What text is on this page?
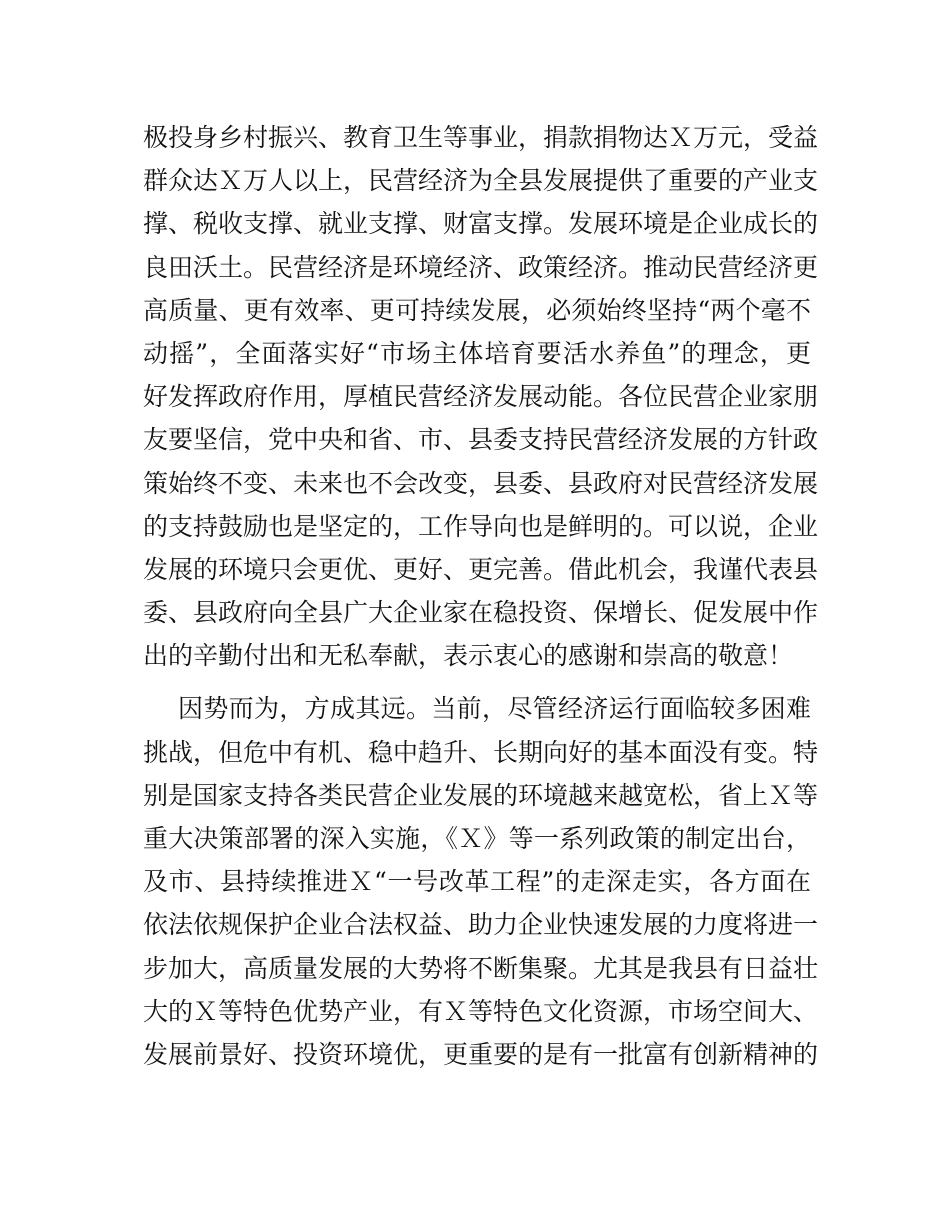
极投身乡村振兴、教育卫生等事业，捐款捐物达Ｘ万元，受益
群众达Ｘ万人以上，民营经济为全县发展提供了重要的产业支
撑、税收支撑、就业支撑、财富支撑。发展环境是企业成长的
良田沃土。民营经济是环境经济、政策经济。推动民营经济更
高质量、更有效率、更可持续发展，必须始终坚持“两个毫不
动摇”，全面落实好“市场主体培育要活水养鱼”的理念，更
好发挥政府作用，厚植民营经济发展动能。各位民营企业家朋
友要坚信，党中央和省、市、县委支持民营经济发展的方针政
策始终不变、未来也不会改变，县委、县政府对民营经济发展
的支持鼓励也是坚定的，工作导向也是鲜明的。可以说，企业
发展的环境只会更优、更好、更完善。借此机会，我谨代表县
委、县政府向全县广大企业家在稳投资、保增长、促发展中作
出的辛勤付出和无私奉献，表示衷心的感谢和崇高的敬意！
因势而为，方成其远。当前，尽管经济运行面临较多困难
挑战，但危中有机、稳中趋升、长期向好的基本面没有变。特
别是国家支持各类民营企业发展的环境越来越宽松，省上Ｘ等
重大决策部署的深入实施，《Ｘ》等一系列政策的制定出台，
及市、县持续推进Ｘ“一号改革工程”的走深走实，各方面在
依法依规保护企业合法权益、助力企业快速发展的力度将进一
步加大，高质量发展的大势将不断集聚。尤其是我县有日益壮
大的Ｘ等特色优势产业，有Ｘ等特色文化资源，市场空间大、
发展前景好、投资环境优，更重要的是有一批富有创新精神的
